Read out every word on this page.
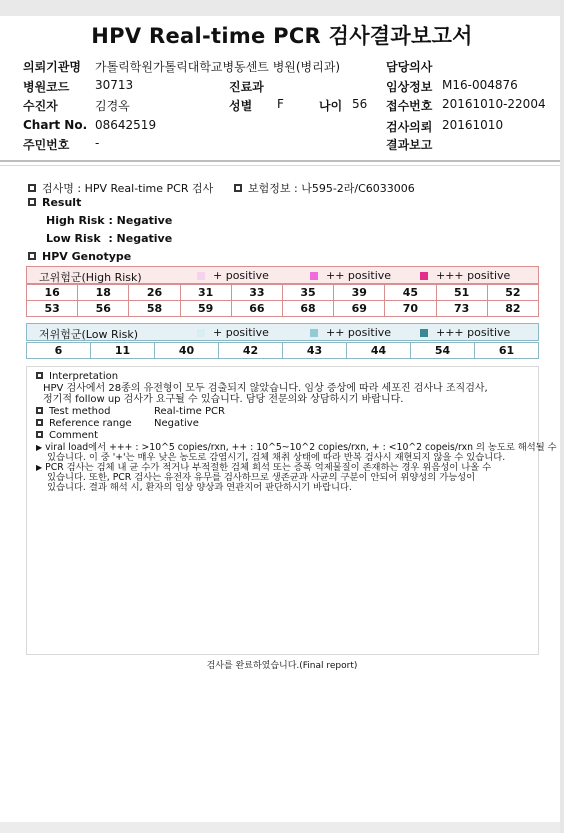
HPV Real-time PCR 검사결과보고서
의뢰기관명 가톨릭학원가톨릭대학교병동센트 병원(병리과)	담당의사
병원코드 30713	진료과	임상정보 M16-004876
수진자	김경옥	성별 F	나이 56 접수번호 20161010-22004
Chart No. 08642519	검사의뢰 20161010
주민번호 -	결과보고
검사명 : HPV Real-time PCR 검사	보험정보 : 나595-2라/C6033006
Result
High Risk : Negative
Low Risk  : Negative
HPV Genotype
고위험군(High Risk)	+ positive	++ positive	+++ positive
16	18	26	31	33	35	39	45	51	52
53	56	58	59	66	68	69	70	73	82
저위험군(Low Risk)	+ positive	++ positive	+++ positive
6	11	40	42	43	44	54	61
Interpretation
HPV 검사에서 28종의 유전형이 모두 검출되지 않았습니다. 임상 증상에 따라 세포진 검사나 조직검사,
정기적 follow up 검사가 요구될 수 있습니다. 담당 전문의와 상담하시기 바랍니다.
Test method	Real-time PCR
Reference range Negative
Comment
▶ viral load에서 +++ : >10^5 copies/rxn, ++ : 10^5~10^2 copies/rxn, + : <10^2 copeis/rxn 의 농도로 해석될 수
있습니다. 이 중 '+'는 매우 낮은 농도로 감염시기, 검체 채취 상태에 따라 반복 검사시 재현되지 않을 수 있습니다.
▶ PCR 검사는 검체 내 균 수가 적거나 부적절한 검체 희석 또는 증폭 억제물질이 존재하는 경우 위음성이 나올 수
있습니다. 또한, PCR 검사는 유전자 유무를 검사하므로 생존균과 사균의 구분이 안되어 위양성의 가능성이
있습니다. 결과 해석 시, 환자의 임상 양상과 연관지어 판단하시기 바랍니다.
검사를 완료하였습니다.(Final report)
